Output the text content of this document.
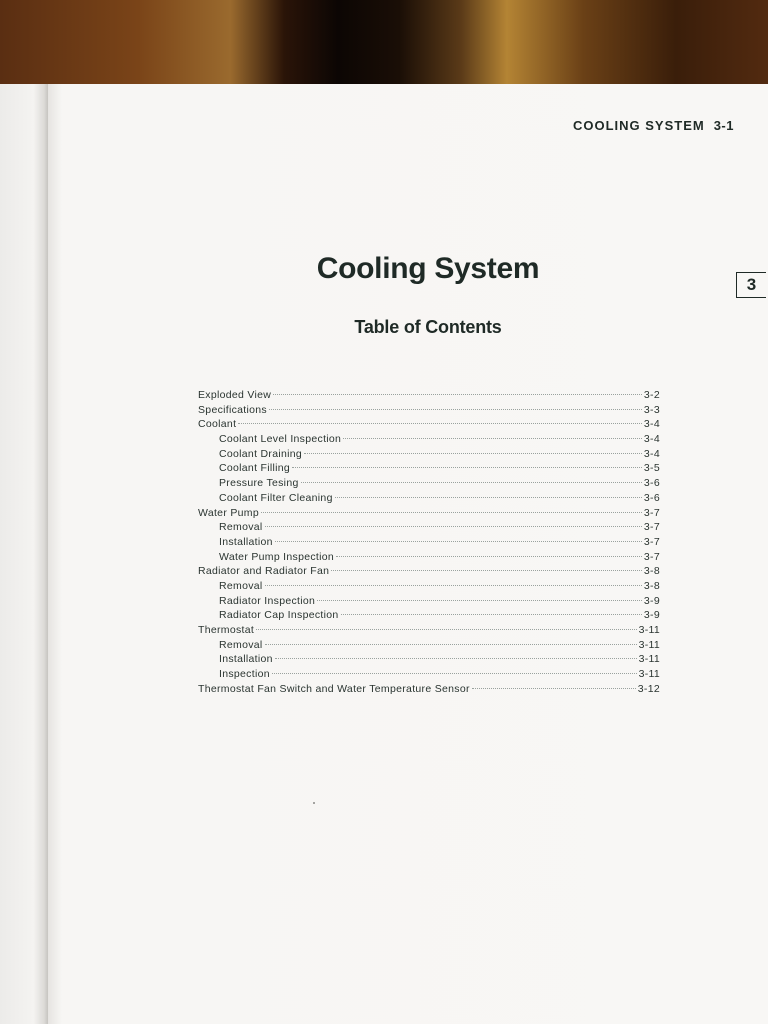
COOLING SYSTEM 3-1
3
Cooling System
Table of Contents
Exploded View	3-2
Specifications	3-3
Coolant	3-4
Coolant Level Inspection	3-4
Coolant Draining	3-4
Coolant Filling	3-5
Pressure Tesing	3-6
Coolant Filter Cleaning	3-6
Water Pump	3-7
Removal	3-7
Installation	3-7
Water Pump Inspection	3-7
Radiator and Radiator Fan	3-8
Removal	3-8
Radiator Inspection	3-9
Radiator Cap Inspection	3-9
Thermostat	3-11
Removal	3-11
Installation	3-11
Inspection	3-11
Thermostat Fan Switch and Water Temperature Sensor	3-12
